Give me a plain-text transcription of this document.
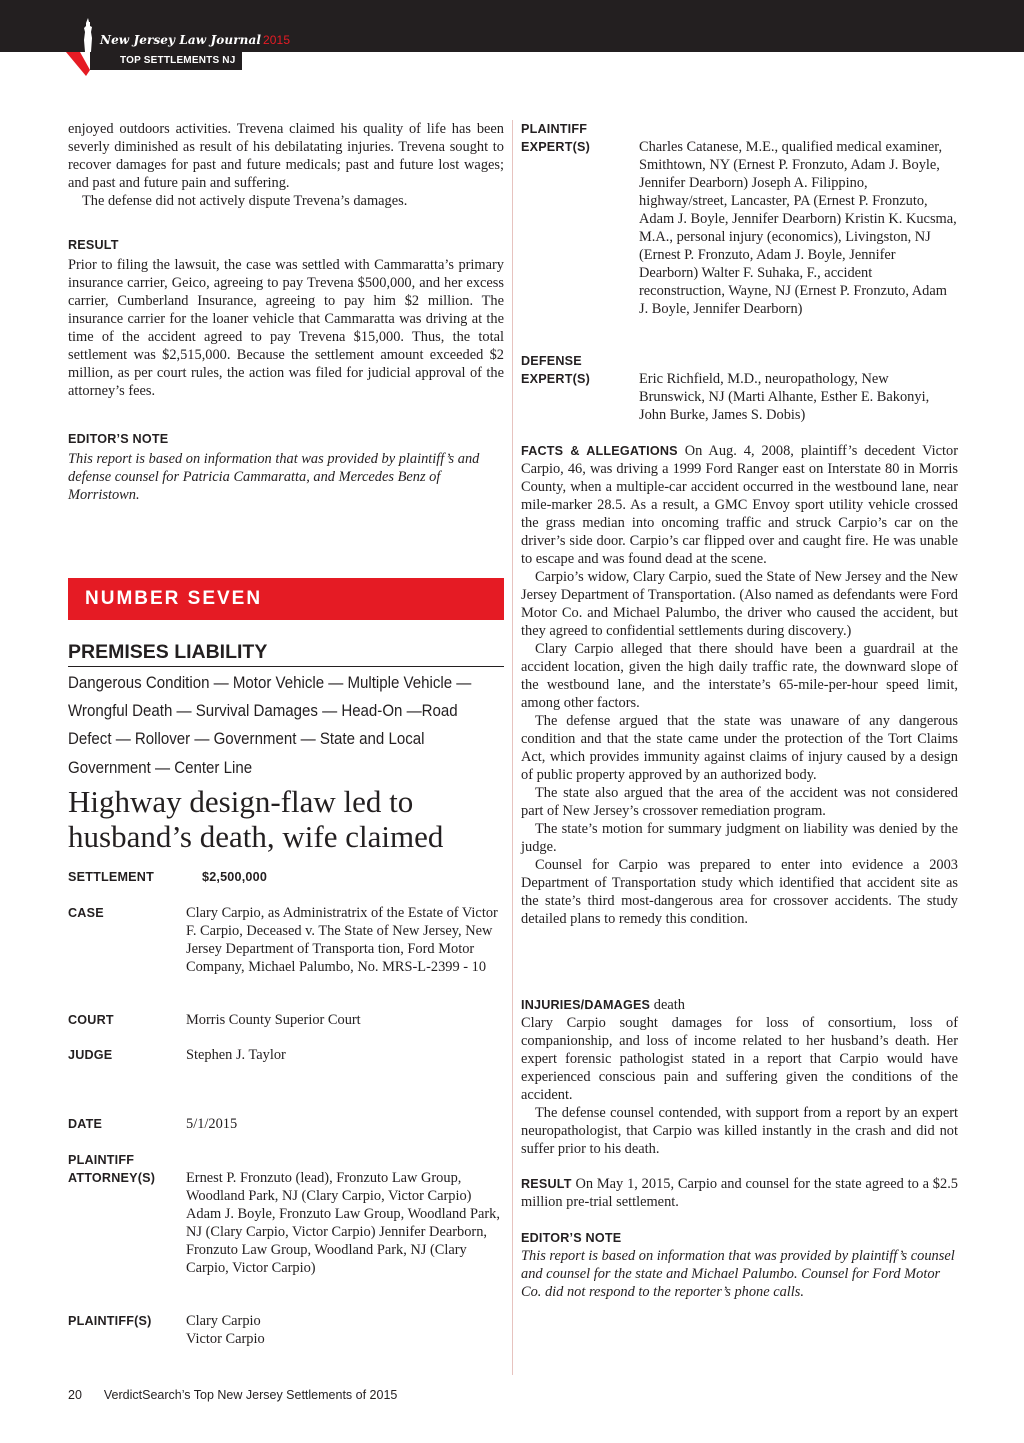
New Jersey Law Journal 2015
TOP SETTLEMENTS NJ

enjoyed outdoors activities. Trevena claimed his quality of life has been severly diminished as result of his debilatating injuries. Trevena sought to recover damages for past and future medicals; past and future lost wages; and past and future pain and suffering.

The defense did not actively dispute Trevena’s damages.

RESULT

Prior to filing the lawsuit, the case was settled with Cammaratta’s primary insurance carrier, Geico, agreeing to pay Trevena $500,000, and her excess carrier, Cumberland Insurance, agreeing to pay him $2 million. The insurance carrier for the loaner vehicle that Cammaratta was driving at the time of the accident agreed to pay Trevena $15,000. Thus, the total settlement was $2,515,000. Because the settlement amount exceeded $2 million, as per court rules, the action was filed for judicial approval of the attorney’s fees.

EDITOR’S NOTE

This report is based on information that was provided by plaintiff’s and defense counsel for Patricia Cammaratta, and Mercedes Benz of Morristown.

NUMBER SEVEN
PREMISES LIABILITY
Dangerous Condition — Motor Vehicle — Multiple Vehicle — Wrongful Death — Survival Damages — Head-On —Road Defect — Rollover — Government — State and Local Government — Center Line
Highway design-flaw led to husband’s death, wife claimed
SETTLEMENT	$2,500,000
CASE	Clary Carpio, as Administratrix of the Estate of Victor F. Carpio, Deceased v. The State of New Jersey, New Jersey Department of Transporta tion, Ford Motor Company, Michael Palumbo, No. MRS-L-2399 - 10
COURT	Morris County Superior Court
JUDGE	Stephen J. Taylor
DATE	5/1/2015
PLAINTIFF
ATTORNEY(S)	Ernest P. Fronzuto (lead), Fronzuto Law Group, Woodland Park, NJ (Clary Carpio, Victor Carpio) Adam J. Boyle, Fronzuto Law Group, Woodland Park, NJ (Clary Carpio, Victor Carpio) Jennifer Dearborn, Fronzuto Law Group, Woodland Park, NJ (Clary Carpio, Victor Carpio)
PLAINTIFF(S)	Clary Carpio
Victor Carpio
PLAINTIFF
EXPERT(S)	Charles Catanese, M.E., qualified medical examiner, Smithtown, NY (Ernest P. Fronzuto, Adam J. Boyle, Jennifer Dearborn) Joseph A. Filippino, highway/street, Lancaster, PA (Ernest P. Fronzuto, Adam J. Boyle, Jennifer Dearborn) Kristin K. Kucsma, M.A., personal injury (economics), Livingston, NJ (Ernest P. Fronzuto, Adam J. Boyle, Jennifer Dearborn) Walter F. Suhaka, F., accident reconstruction, Wayne, NJ (Ernest P. Fronzuto, Adam J. Boyle, Jennifer Dearborn)
DEFENSE
EXPERT(S)	Eric Richfield, M.D., neuropathology, New Brunswick, NJ (Marti Alhante, Esther E. Bakonyi, John Burke, James S. Dobis)

FACTS & ALLEGATIONS On Aug. 4, 2008, plaintiff’s decedent Victor Carpio, 46, was driving a 1999 Ford Ranger east on Interstate 80 in Morris County, when a multiple-car accident occurred in the westbound lane, near mile-marker 28.5. As a result, a GMC Envoy sport utility vehicle crossed the grass median into oncoming traffic and struck Carpio’s car on the driver’s side door. Carpio’s car flipped over and caught fire. He was unable to escape and was found dead at the scene.

Carpio’s widow, Clary Carpio, sued the State of New Jersey and the New Jersey Department of Transportation. (Also named as defendants were Ford Motor Co. and Michael Palumbo, the driver who caused the accident, but they agreed to confidential settlements during discovery.)

Clary Carpio alleged that there should have been a guardrail at the accident location, given the high daily traffic rate, the downward slope of the westbound lane, and the interstate’s 65-mile-per-hour speed limit, among other factors.

The defense argued that the state was unaware of any dangerous condition and that the state came under the protection of the Tort Claims Act, which provides immunity against claims of injury caused by a design of public property approved by an authorized body.

The state also argued that the area of the accident was not considered part of New Jersey’s crossover remediation program.

The state’s motion for summary judgment on liability was denied by the judge.

Counsel for Carpio was prepared to enter into evidence a 2003 Department of Transportation study which identified that accident site as the state’s third most-dangerous area for crossover accidents. The study detailed plans to remedy this condition.

INJURIES/DAMAGES death

Clary Carpio sought damages for loss of consortium, loss of companionship, and loss of income related to her husband’s death. Her expert forensic pathologist stated in a report that Carpio would have experienced conscious pain and suffering given the conditions of the accident.

The defense counsel contended, with support from a report by an expert neuropathologist, that Carpio was killed instantly in the crash and did not suffer prior to his death.

RESULT On May 1, 2015, Carpio and counsel for the state agreed to a $2.5 million pre-trial settlement.

EDITOR’S NOTE

This report is based on information that was provided by plaintiff’s counsel and counsel for the state and Michael Palumbo. Counsel for Ford Motor Co. did not respond to the reporter’s phone calls.

20 VerdictSearch’s Top New Jersey Settlements of 2015
